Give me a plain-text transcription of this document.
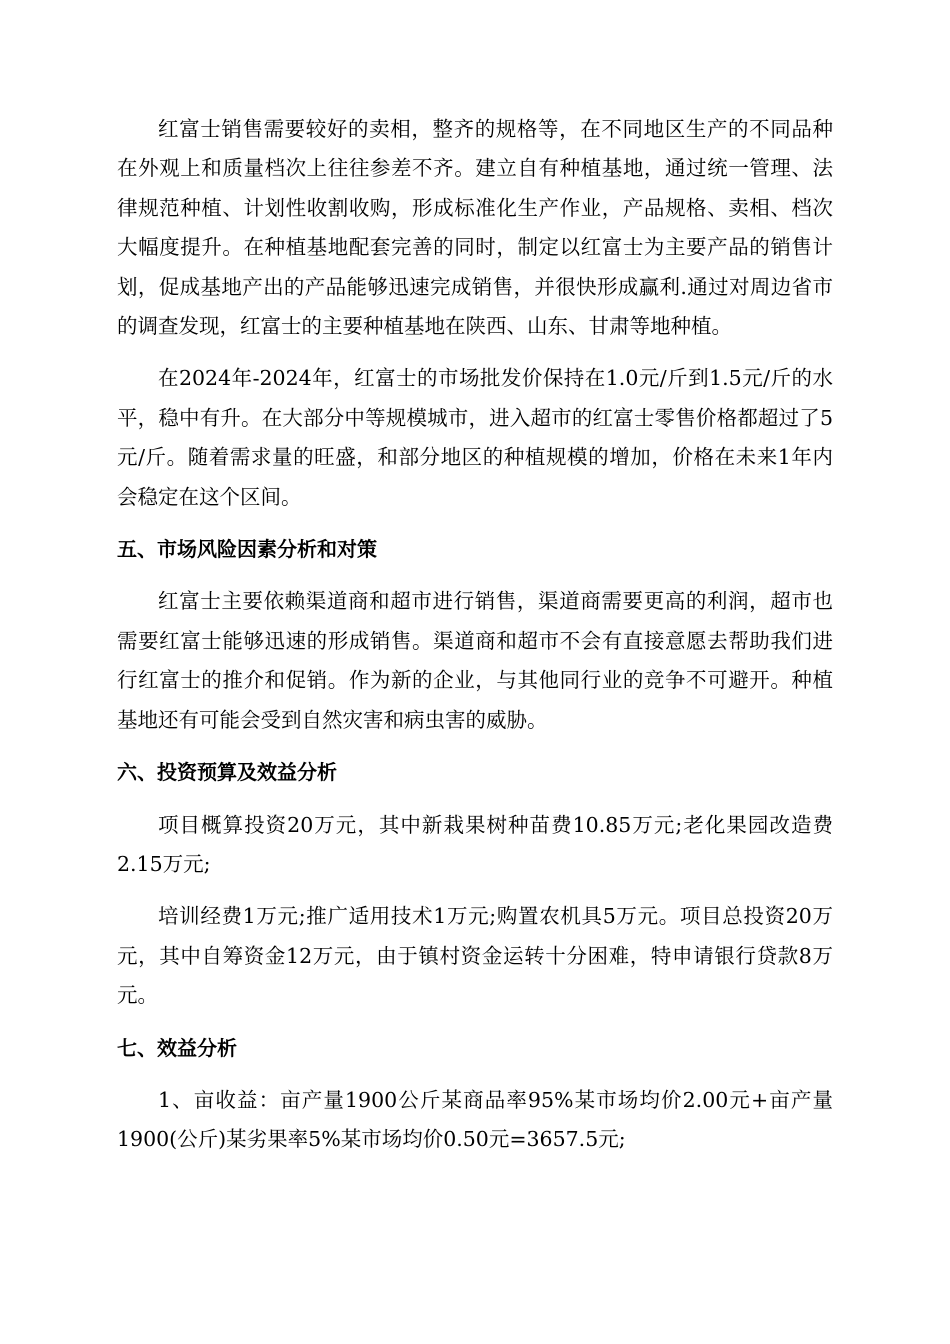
红富士销售需要较好的卖相，整齐的规格等，在不同地区生产的不同品种在外观上和质量档次上往往参差不齐。建立自有种植基地，通过统一管理、法律规范种植、计划性收割收购，形成标准化生产作业，产品规格、卖相、档次大幅度提升。在种植基地配套完善的同时，制定以红富士为主要产品的销售计划，促成基地产出的产品能够迅速完成销售，并很快形成赢利.通过对周边省市的调查发现，红富士的主要种植基地在陕西、山东、甘肃等地种植。

在2024年-2024年，红富士的市场批发价保持在1.0元/斤到1.5元/斤的水平，稳中有升。在大部分中等规模城市，进入超市的红富士零售价格都超过了5元/斤。随着需求量的旺盛，和部分地区的种植规模的增加，价格在未来1年内会稳定在这个区间。

五、市场风险因素分析和对策

红富士主要依赖渠道商和超市进行销售，渠道商需要更高的利润，超市也需要红富士能够迅速的形成销售。渠道商和超市不会有直接意愿去帮助我们进行红富士的推介和促销。作为新的企业，与其他同行业的竞争不可避开。种植基地还有可能会受到自然灾害和病虫害的威胁。

六、投资预算及效益分析

项目概算投资20万元，其中新栽果树种苗费10.85万元;老化果园改造费2.15万元;

培训经费1万元;推广适用技术1万元;购置农机具5万元。项目总投资20万元，其中自筹资金12万元，由于镇村资金运转十分困难，特申请银行贷款8万元。

七、效益分析

1、亩收益：亩产量1900公斤某商品率95%某市场均价2.00元+亩产量1900(公斤)某劣果率5%某市场均价0.50元=3657.5元;
